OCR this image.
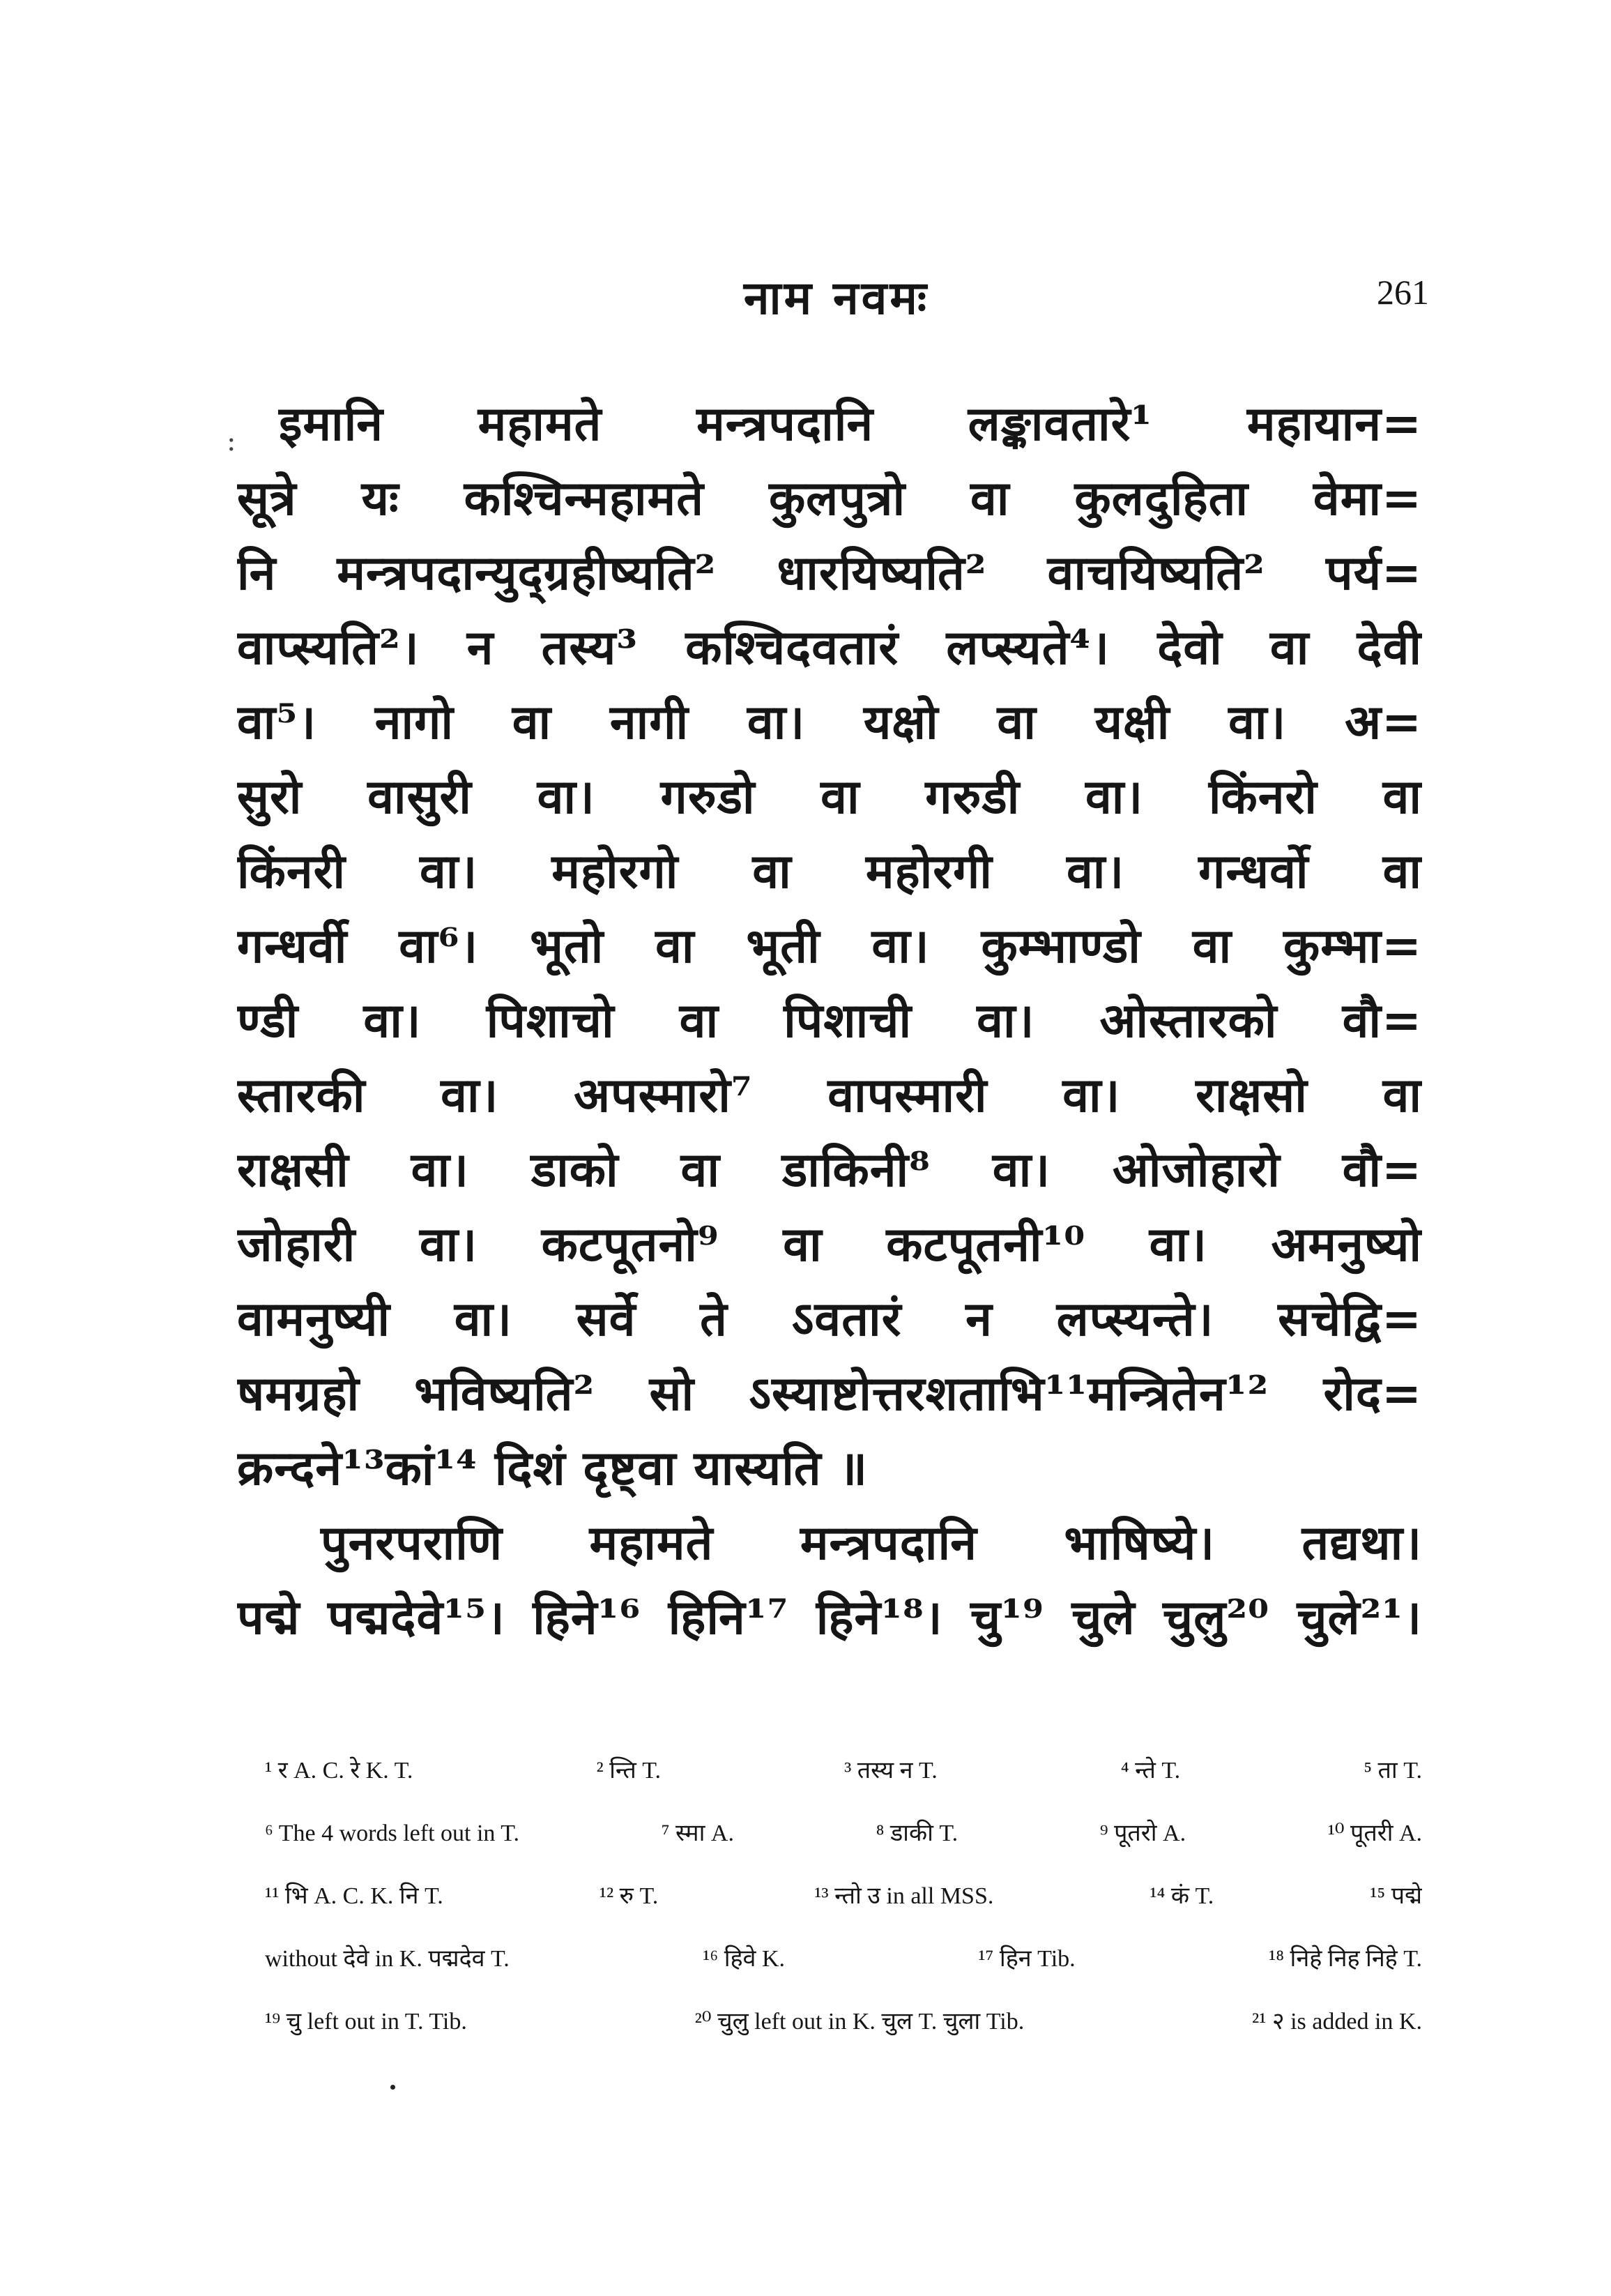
नाम नवमः	261
: इमानि महामते मन्त्रपदानि लङ्कावतारे¹ महायान=
सूत्रे यः कश्चिन्महामते कुलपुत्रो वा कुलदुहिता वेमा=
नि मन्त्रपदान्युद्ग्रहीष्यति² धारयिष्यति² वाचयिष्यति² पर्य=
वाप्स्यति²। न तस्य³ कश्चिदवतारं लप्स्यते⁴। देवो वा देवी
वा⁵। नागो वा नागी वा। यक्षो वा यक्षी वा। अ=
सुरो वासुरी वा। गरुडो वा गरुडी वा। किंनरो वा
किंनरी वा। महोरगो वा महोरगी वा। गन्धर्वो वा
गन्धर्वी वा⁶। भूतो वा भूती वा। कुम्भाण्डो वा कुम्भा=
ण्डी वा। पिशाचो वा पिशाची वा। ओस्तारको वौ=
स्तारकी वा। अपस्मारो⁷ वापस्मारी वा। राक्षसो वा
राक्षसी वा। डाको वा डाकिनी⁸ वा। ओजोहारो वौ=
जोहारी वा। कटपूतनो⁹ वा कटपूतनी¹⁰ वा। अमनुष्यो
वामनुष्यी वा। सर्वे ते ऽवतारं न लप्स्यन्ते। सचेद्वि=
षमग्रहो भविष्यति² सो ऽस्याष्टोत्तरशताभि¹¹मन्त्रितेन¹² रोद=
क्रन्दने¹³कां¹⁴ दिशं दृष्ट्वा यास्यति ॥
पुनरपराणि महामते मन्त्रपदानि भाषिष्ये। तद्यथा।
पद्मे पद्मदेवे¹⁵। हिने¹⁶ हिनि¹⁷ हिने¹⁸। चु¹⁹ चुले चुलु²⁰ चुले²¹।
¹ र A. C. रे K. T.	² न्ति T.	³ तस्य न T.	⁴ न्ते T.	⁵ ता T.
⁶ The 4 words left out in T.	⁷ स्मा A.	⁸ डाकी T.	⁹ पूतरो A.	¹⁰ पूतरी A.
¹¹ भि A. C. K. नि T.	¹² रु T.	¹³ न्तो उ in all MSS.	¹⁴ कं T.	¹⁵ पद्मे
without देवे in K. पद्मदेव T.	¹⁶ हिवे K.	¹⁷ हिन Tib.	¹⁸ निहे निह निहे T.
¹⁹ चु left out in T. Tib.	²⁰ चुलु left out in K. चुल T. चुला Tib.	²¹ २ is added in K.
